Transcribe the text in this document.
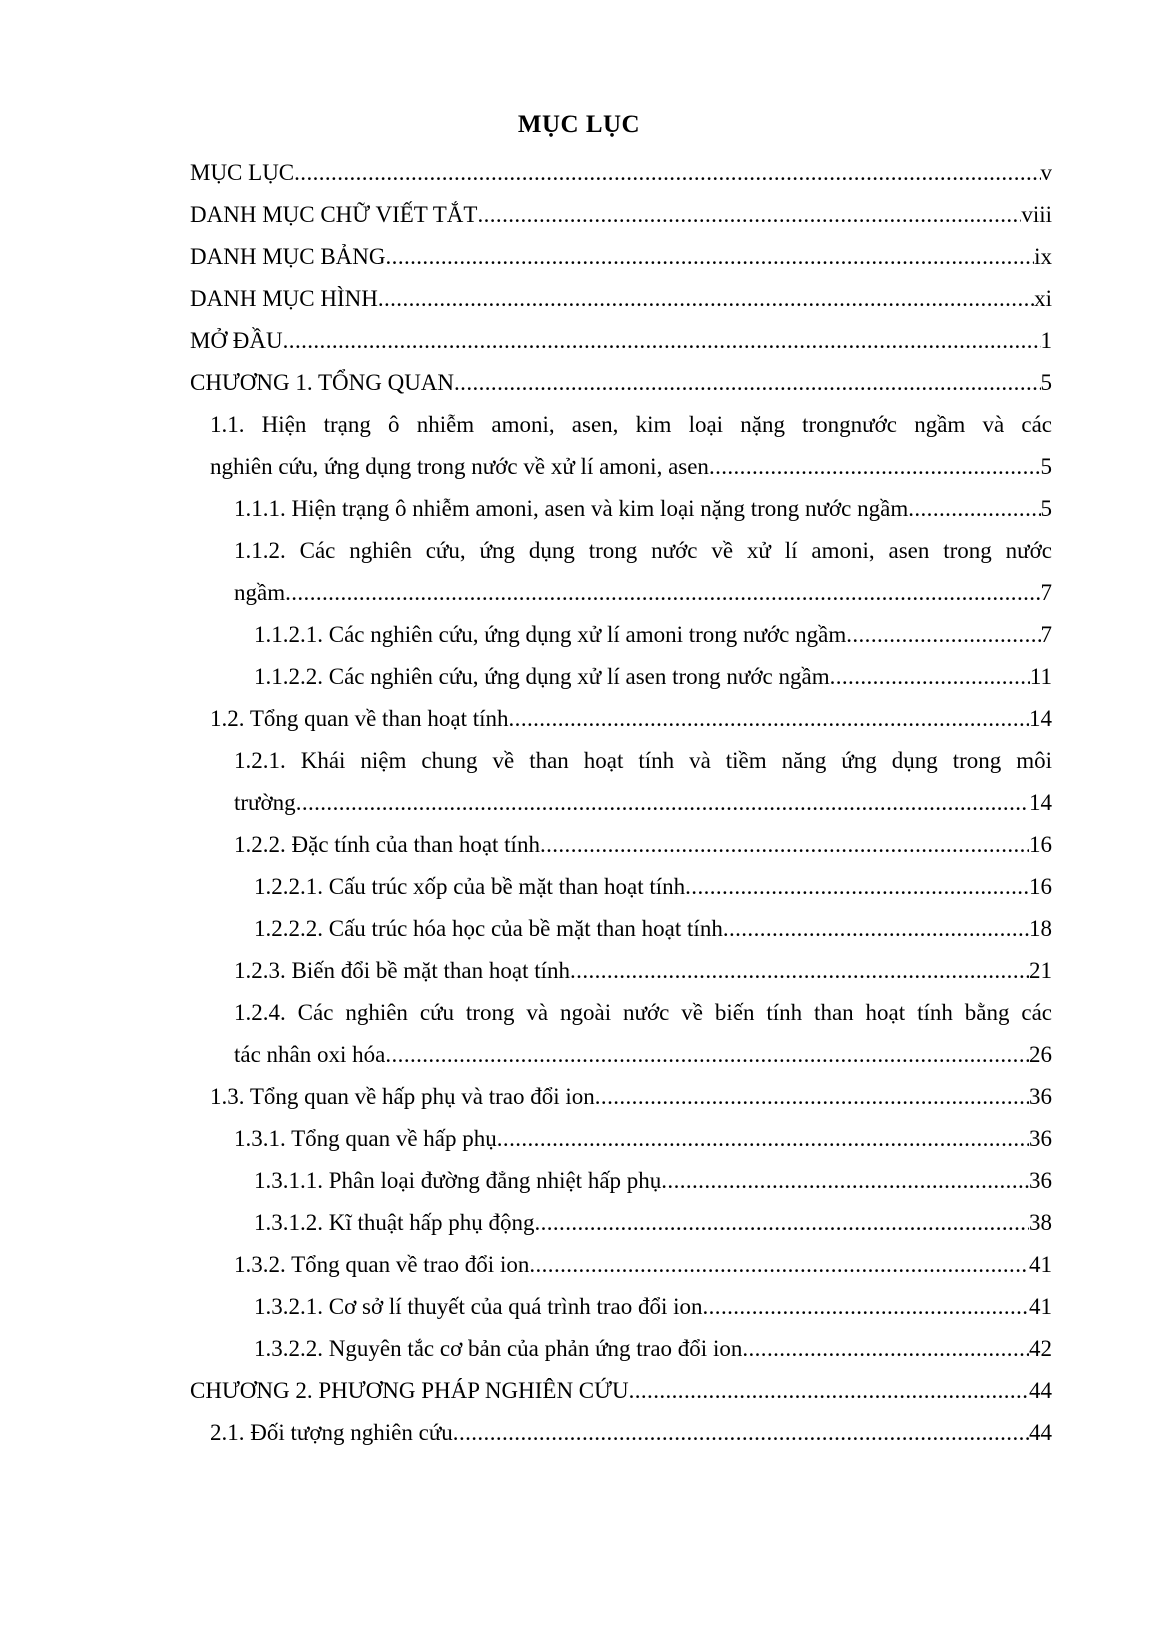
MỤC LỤC
MỤC LỤC .....	v
DANH MỤC CHỮ VIẾT TẮT .....	viii
DANH MỤC BẢNG .....	ix
DANH MỤC HÌNH .....	xi
MỞ ĐẦU .....	1
CHƯƠNG 1. TỔNG QUAN .....	5
1.1. Hiện trạng ô nhiễm amoni, asen, kim loại nặng trongnước ngầm và các
nghiên cứu, ứng dụng trong nước về xử lí amoni, asen .....	5
1.1.1. Hiện trạng ô nhiễm amoni, asen và kim loại nặng trong nước ngầm .....	5
1.1.2. Các nghiên cứu, ứng dụng trong nước về xử lí amoni, asen trong nước
ngầm .....	7
1.1.2.1. Các nghiên cứu, ứng dụng xử lí amoni trong nước ngầm .....	7
1.1.2.2. Các nghiên cứu, ứng dụng xử lí asen trong nước ngầm .....	11
1.2. Tổng quan về than hoạt tính .....	14
1.2.1. Khái niệm chung về than hoạt tính và tiềm năng ứng dụng trong môi
trường .....	14
1.2.2. Đặc tính của than hoạt tính .....	16
1.2.2.1. Cấu trúc xốp của bề mặt than hoạt tính .....	16
1.2.2.2. Cấu trúc hóa học của bề mặt than hoạt tính .....	18
1.2.3. Biến đổi bề mặt than hoạt tính .....	21
1.2.4. Các nghiên cứu trong và ngoài nước về biến tính than hoạt tính bằng các
tác nhân oxi hóa .....	26
1.3. Tổng quan về hấp phụ và trao đổi ion .....	36
1.3.1. Tổng quan về hấp phụ .....	36
1.3.1.1. Phân loại đường đẳng nhiệt hấp phụ .....	36
1.3.1.2. Kĩ thuật hấp phụ động .....	38
1.3.2. Tổng quan về trao đổi ion .....	41
1.3.2.1. Cơ sở lí thuyết của quá trình trao đổi ion .....	41
1.3.2.2. Nguyên tắc cơ bản của phản ứng trao đổi ion .....	42
CHƯƠNG 2. PHƯƠNG PHÁP NGHIÊN CỨU .....	44
2.1. Đối tượng nghiên cứu .....	44
